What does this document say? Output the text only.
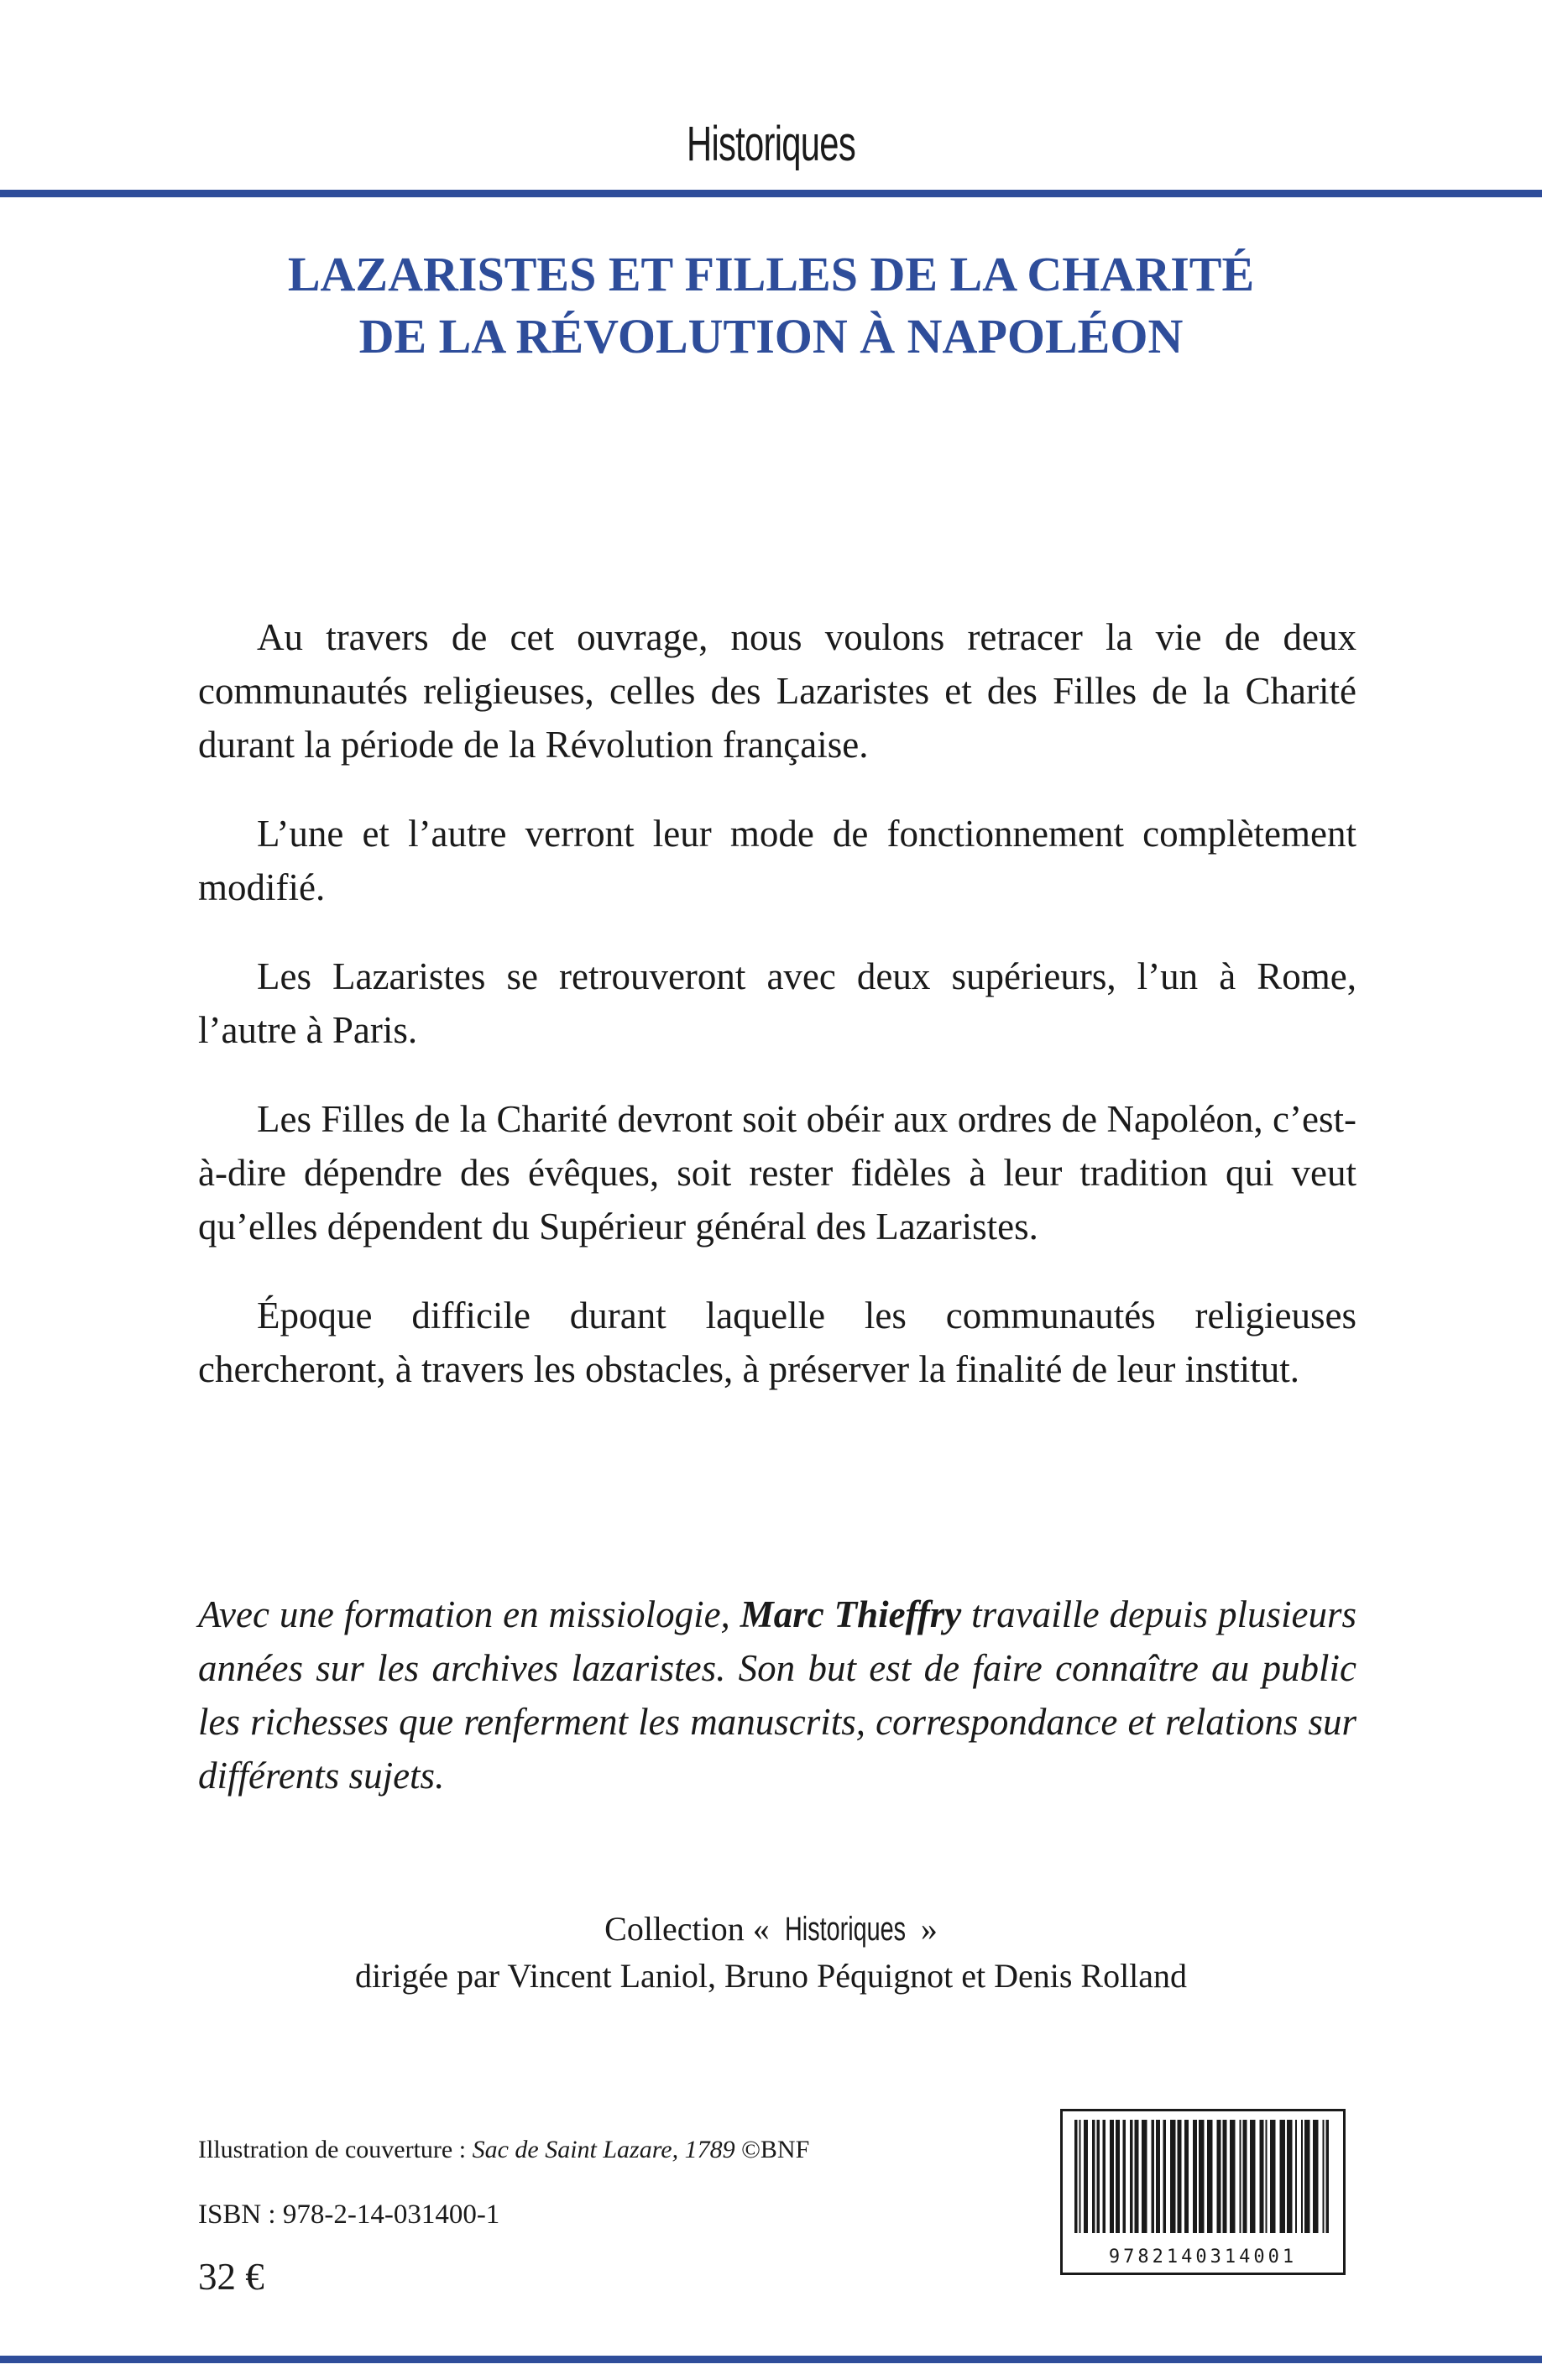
Historiques
LAZARISTES ET FILLES DE LA CHARITÉ
DE LA RÉVOLUTION À NAPOLÉON

Au travers de cet ouvrage, nous voulons retracer la vie de deux communautés religieuses, celles des Lazaristes et des Filles de la Charité durant la période de la Révolution française.

L’une et l’autre verront leur mode de fonctionnement complètement modifié.

Les Lazaristes se retrouveront avec deux supérieurs, l’un à Rome, l’autre à Paris.

Les Filles de la Charité devront soit obéir aux ordres de Napoléon, c’est-à-dire dépendre des évêques, soit rester fidèles à leur tradition qui veut qu’elles dépendent du Supérieur général des Lazaristes.

Époque difficile durant laquelle les communautés religieuses chercheront, à travers les obstacles, à préserver la finalité de leur institut.

Avec une formation en missiologie, Marc Thieffry travaille depuis plusieurs années sur les archives lazaristes. Son but est de faire connaître au public les richesses que renferment les manuscrits, correspondance et relations sur différents sujets.
Collection « Historiques »
dirigée par Vincent Laniol, Bruno Péquignot et Denis Rolland
Illustration de couverture : Sac de Saint Lazare, 1789 ©BNF
ISBN : 978-2-14-031400-1
32 €	9782140314001
